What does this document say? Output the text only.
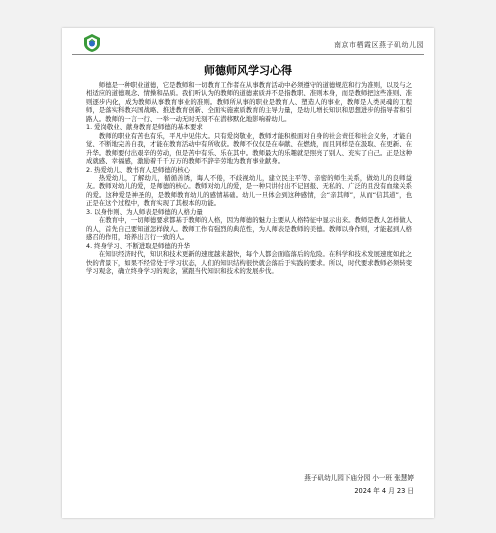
南京市栖霞区燕子矶幼儿园
师德师风学习心得

师德是一种职业道德，它是教师和一切教育工作者在从事教育活动中必须遵守的道德规范和行为准则，以及与之相适应的道德观念、情操和品质。我们听认为的教师的道德素质并不是指教职、准则本身，而是教师把这些准则、准则逐步内化，成为教师从事教育事业的准则。教师所从事的职业是教育人、塑造人的事业，教师是人类灵魂的工程师，是落实科教兴国战略、推进教育创新、全面实施素质教育的主导力量，是幼儿增长知识和思想进步的指导者和引路人。教师的一言一行、一举一动无时无刻不在潜移默化地影响着幼儿。

1. 爱岗敬业、献身教育是师德的基本要求

教师的职业有苦也有乐，平凡中见伟大。只有爱岗敬业，教师才能积极面对自身的社会责任和社会义务，才能自觉、不断地完善自我，才能在教育活动中有所收获。教师不仅仅是在奉献、在燃烧，而且同样是在汲取、在更新、在升华。教师要付出艰辛的劳动，但是苦中有乐、乐在其中。教师最大的乐趣就是照亮了别人、充实了自己。正是这种成就感、幸福感，激励着千千万万的教师不辞辛劳地为教育事业献身。

2. 热爱幼儿、教书育人是师德的核心

热爱幼儿，了解幼儿，循循善诱，诲人不倦，不歧视幼儿，建立民主平等、亲密的师生关系，做幼儿的良师益友。教师对幼儿的爱，是师德的核心。教师对幼儿的爱，是一种只讲付出不记回报、无私的、广泛的且没有血缘关系的爱。这种爱是神圣的，是教师教育幼儿的感情基础。幼儿一旦体会到这种感情，会“亲其师”，从而“信其道”，也正是在这个过程中，教育实现了其根本的功能。

3. 以身作则、为人师表是师德的人格力量

在教育中，一切师德要求都基于教师的人格，因为师德的魅力主要从人格特征中显示出来。教师是教人怎样做人的人，首先自己要知道怎样做人。教师工作有强烈的典范性，为人师表是教师的美德。教师以身作则，才能起到人格感召的作用，培养出言行一致的人。

4. 终身学习、不断进取是师德的升华

在知识经济时代，知识和技术更新的速度越来越快，每个人都会面临落后的危险。在科学和技术发展速度如此之快的背景下，如果不经常处于学习状态，人们的知识结构很快就会落后于实践的要求。所以，时代要求教师必须转变学习观念，确立终身学习的观念，紧跟当代知识和技术的发展步伐。

燕子矶幼儿园下庙分园 小一班 张慧婷
2024 年 4 月 23 日
